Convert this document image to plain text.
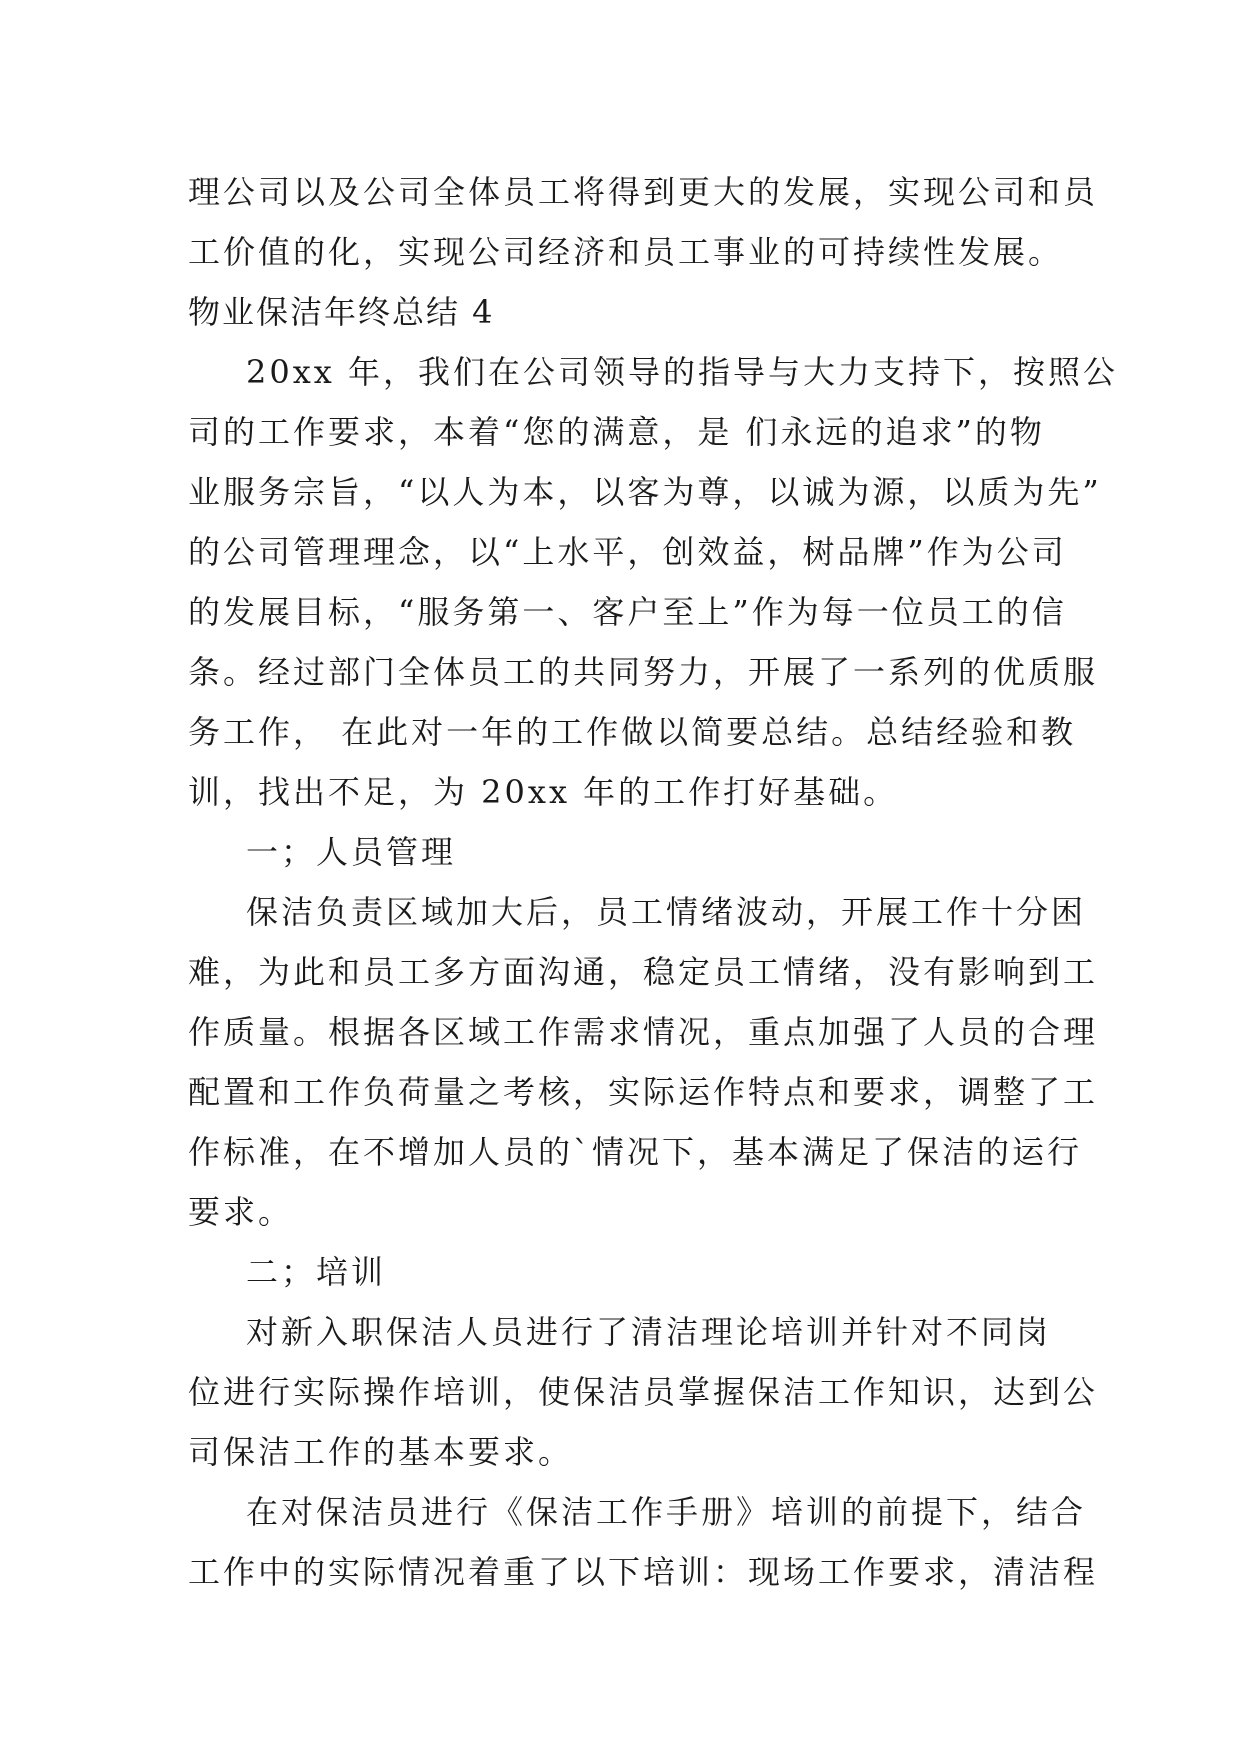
理公司以及公司全体员工将得到更大的发展，实现公司和员
工价值的化，实现公司经济和员工事业的可持续性发展。
物业保洁年终总结 4
20xx 年，我们在公司领导的指导与大力支持下，按照公
司的工作要求，本着“您的满意，是 们永远的追求”的物
业服务宗旨，“以人为本，以客为尊，以诚为源，以质为先”
的公司管理理念，以“上水平，创效益，树品牌”作为公司
的发展目标，“服务第一、客户至上”作为每一位员工的信
条。经过部门全体员工的共同努力，开展了一系列的优质服
务工作， 在此对一年的工作做以简要总结。总结经验和教
训，找出不足，为 20xx 年的工作打好基础。
一；人员管理
保洁负责区域加大后，员工情绪波动，开展工作十分困
难，为此和员工多方面沟通，稳定员工情绪，没有影响到工
作质量。根据各区域工作需求情况，重点加强了人员的合理
配置和工作负荷量之考核，实际运作特点和要求，调整了工
作标准，在不增加人员的`情况下，基本满足了保洁的运行
要求。
二；培训
对新入职保洁人员进行了清洁理论培训并针对不同岗
位进行实际操作培训，使保洁员掌握保洁工作知识，达到公
司保洁工作的基本要求。
在对保洁员进行《保洁工作手册》培训的前提下，结合
工作中的实际情况着重了以下培训：现场工作要求，清洁程
